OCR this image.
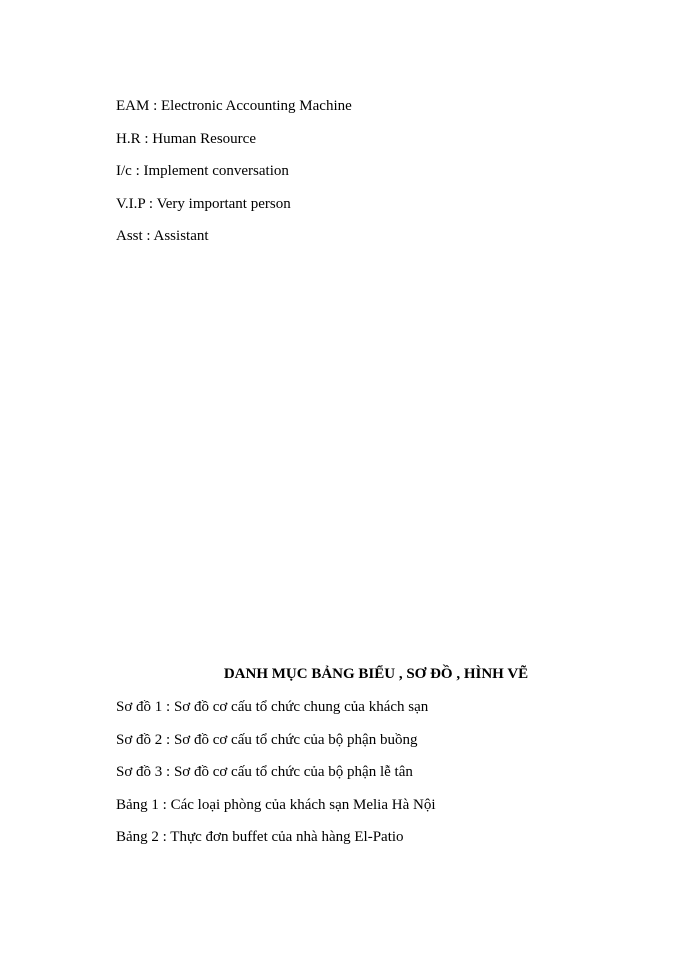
EAM : Electronic Accounting Machine
H.R : Human Resource
I/c : Implement conversation
V.I.P : Very important person
Asst : Assistant
DANH MỤC BẢNG BIỂU , SƠ ĐỒ , HÌNH VẼ
Sơ đồ 1 : Sơ đồ cơ cấu tổ chức chung của khách sạn
Sơ đồ 2 : Sơ đồ cơ cấu tổ chức của bộ phận buồng
Sơ đồ 3 : Sơ đồ cơ cấu tổ chức của bộ phận lễ tân
Bảng 1 : Các loại phòng của khách sạn Melia Hà Nội
Bảng 2 : Thực đơn buffet của nhà hàng El-Patio
